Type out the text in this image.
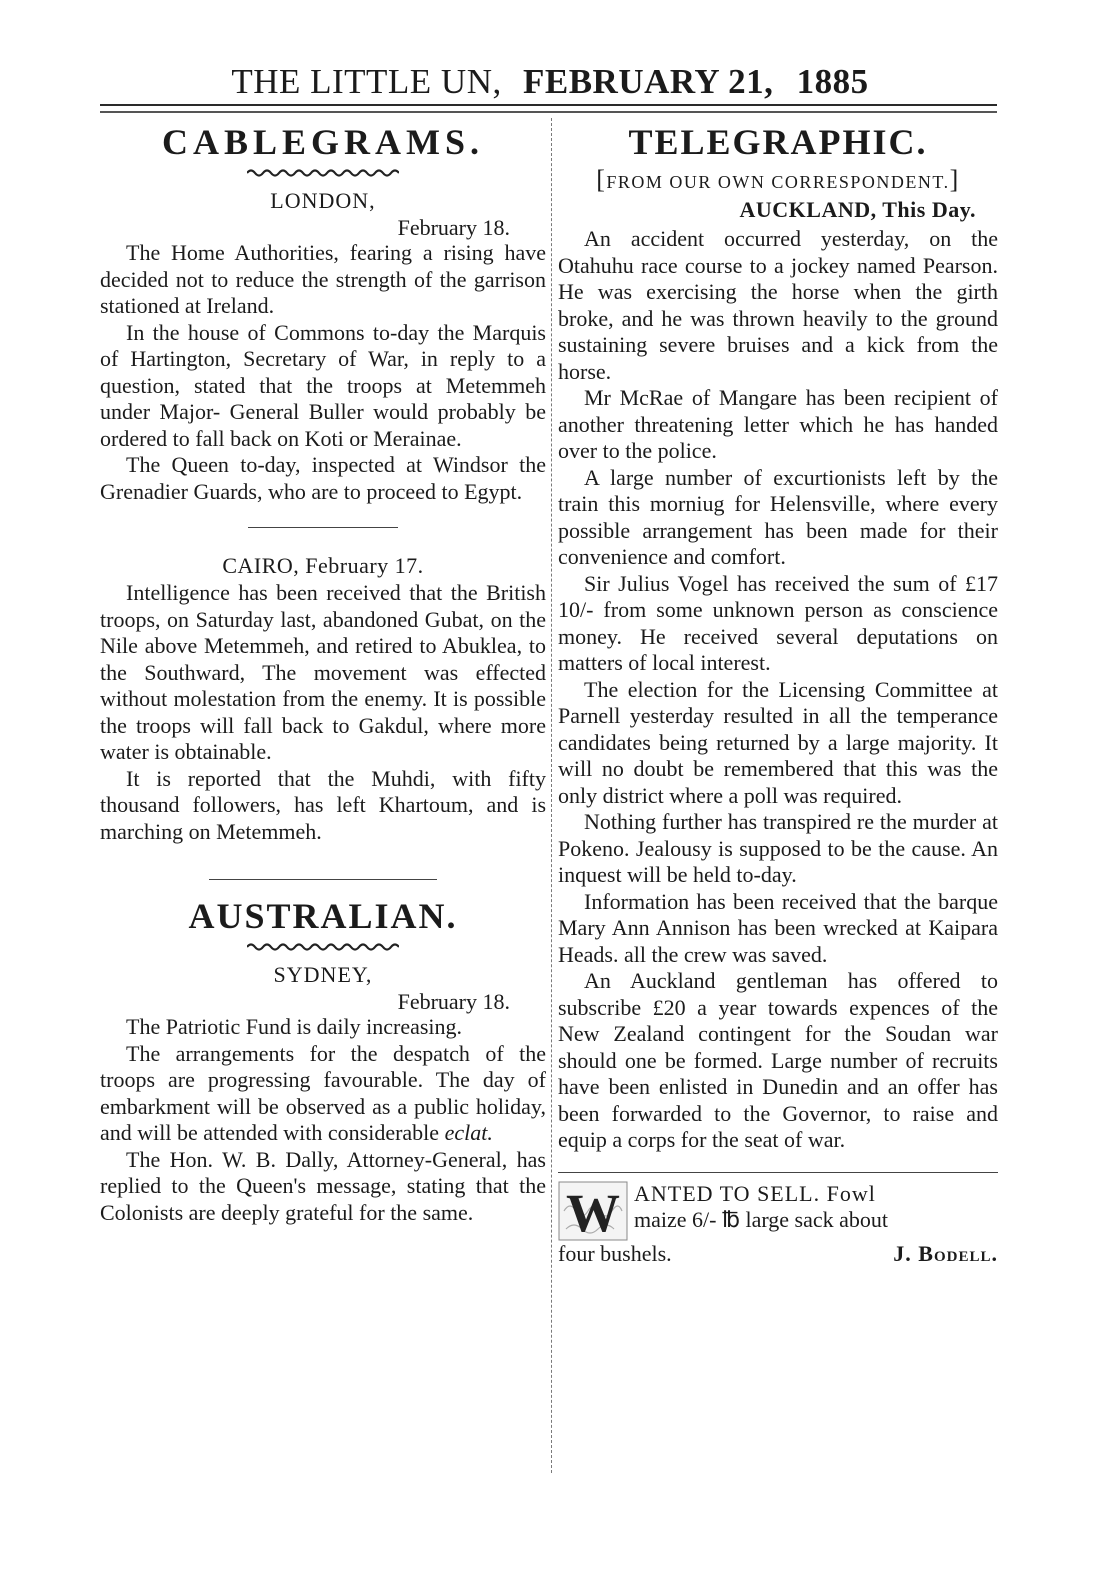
THE LITTLE UN, FEBRUARY 21, 1885
CABLEGRAMS.
LONDON,
February 18.

The Home Authorities, fearing a rising have decided not to reduce the strength of the garrison stationed at Ireland.

In the house of Commons to-day the Marquis of Hartington, Secretary of War, in reply to a question, stated that the troops at Metemmeh under Major- General Buller would probably be ordered to fall back on Koti or Merainae.

The Queen to-day, inspected at Windsor the Grenadier Guards, who are to proceed to Egypt.

CAIRO, February 17.

Intelligence has been received that the British troops, on Saturday last, abandoned Gubat, on the Nile above Metemmeh, and retired to Abuklea, to the Southward, The movement was effected without molestation from the enemy. It is possible the troops will fall back to Gakdul, where more water is obtainable.

It is reported that the Muhdi, with fifty thousand followers, has left Khartoum, and is marching on Metemmeh.

AUSTRALIAN.
SYDNEY,
February 18.

The Patriotic Fund is daily increasing.

The arrangements for the despatch of the troops are progressing favourable. The day of embarkment will be observed as a public holiday, and will be attended with considerable eclat.

The Hon. W. B. Dally, Attorney-General, has replied to the Queen's message, stating that the Colonists are deeply grateful for the same.

TELEGRAPHIC.
[FROM OUR OWN CORRESPONDENT.]
AUCKLAND, This Day.

An accident occurred yesterday, on the Otahuhu race course to a jockey named Pearson. He was exercising the horse when the girth broke, and he was thrown heavily to the ground sustaining severe bruises and a kick from the horse.

Mr McRae of Mangare has been recipient of another threatening letter which he has handed over to the police.

A large number of excurtionists left by the train this morniug for Helensville, where every possible arrangement has been made for their convenience and comfort.

Sir Julius Vogel has received the sum of £17 10/- from some unknown person as conscience money. He received several deputations on matters of local interest.

The election for the Licensing Committee at Parnell yesterday resulted in all the temperance candidates being returned by a large majority. It will no doubt be remembered that this was the only district where a poll was required.

Nothing further has transpired re the murder at Pokeno. Jealousy is supposed to be the cause. An inquest will be held to-day.

Information has been received that the barque Mary Ann Annison has been wrecked at Kaipara Heads. all the crew was saved.

An Auckland gentleman has offered to subscribe £20 a year towards expences of the New Zealand contingent for the Soudan war should one be formed. Large number of recruits have been enlisted in Dunedin and an offer has been forwarded to the Governor, to raise and equip a corps for the seat of war.

W ANTED TO SELL. Fowl
maize 6/- ℔ large sack about
four bushels.	J. Bodell.
